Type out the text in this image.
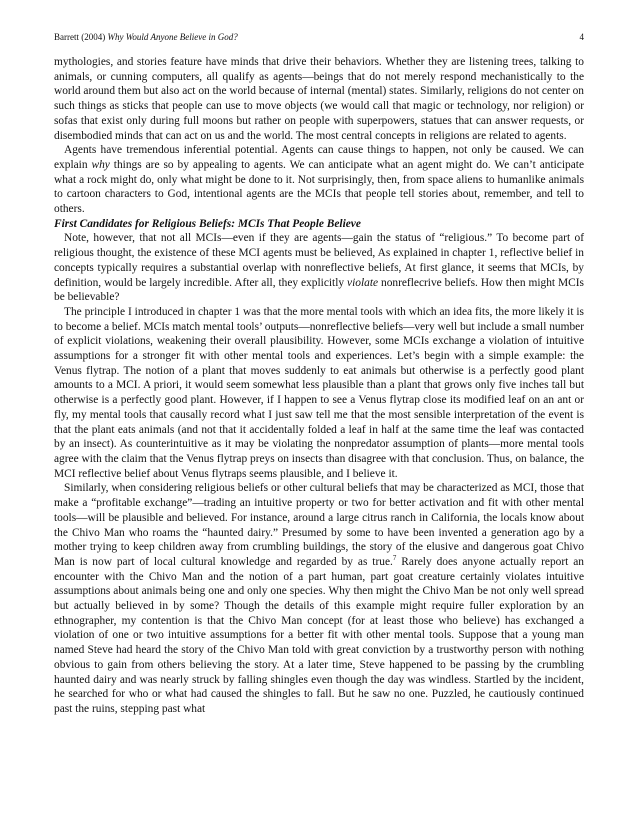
Barrett (2004) Why Would Anyone Believe in God?	4

mythologies, and stories feature have minds that drive their behaviors. Whether they are listening trees, talking to animals, or cunning computers, all qualify as agents—beings that do not merely respond mechanistically to the world around them but also act on the world because of internal (mental) states. Similarly, religions do not center on such things as sticks that people can use to move objects (we would call that magic or technology, nor religion) or sofas that exist only during full moons but rather on people with superpowers, statues that can answer requests, or disembodied minds that can act on us and the world. The most central concepts in religions are related to agents.

Agents have tremendous inferential potential. Agents can cause things to happen, not only be caused. We can explain why things are so by appealing to agents. We can anticipate what an agent might do. We can’t anticipate what a rock might do, only what might be done to it. Not surprisingly, then, from space aliens to humanlike animals to cartoon characters to God, intentional agents are the MCIs that people tell stories about, remember, and tell to others.

First Candidates for Religious Beliefs: MCIs That People Believe

Note, however, that not all MCIs—even if they are agents—gain the status of “religious.” To become part of religious thought, the existence of these MCI agents must be believed, As explained in chapter 1, reflective belief in concepts typically requires a substantial overlap with nonreflective beliefs, At first glance, it seems that MCIs, by definition, would be largely incredible. After all, they explicitly violate nonreflecrive beliefs. How then might MCIs be believable?

The principle I introduced in chapter 1 was that the more mental tools with which an idea fits, the more likely it is to become a belief. MCIs match mental tools’ outputs—nonreflective beliefs—very well but include a small number of explicit violations, weakening their overall plausibility. However, some MCIs exchange a violation of intuitive assumptions for a stronger fit with other mental tools and experiences. Let’s begin with a simple example: the Venus flytrap. The notion of a plant that moves suddenly to eat animals but otherwise is a perfectly good plant amounts to a MCI. A priori, it would seem somewhat less plausible than a plant that grows only five inches tall but otherwise is a perfectly good plant. However, if I happen to see a Venus flytrap close its modified leaf on an ant or fly, my mental tools that causally record what I just saw tell me that the most sensible interpretation of the event is that the plant eats animals (and not that it accidentally folded a leaf in half at the same time the leaf was contacted by an insect). As counterintuitive as it may be violating the nonpredator assumption of plants—more mental tools agree with the claim that the Venus flytrap preys on insects than disagree with that conclusion. Thus, on balance, the MCI reflective belief about Venus flytraps seems plausible, and I believe it.

Similarly, when considering religious beliefs or other cultural beliefs that may be characterized as MCI, those that make a “profitable exchange”—trading an intuitive property or two for better activation and fit with other mental tools—will be plausible and believed. For instance, around a large citrus ranch in California, the locals know about the Chivo Man who roams the “haunted dairy.” Presumed by some to have been invented a generation ago by a mother trying to keep children away from crumbling buildings, the story of the elusive and dangerous goat Chivo Man is now part of local cultural knowledge and regarded by as true.$^7$ Rarely does anyone actually report an encounter with the Chivo Man and the notion of a part human, part goat creature certainly violates intuitive assumptions about animals being one and only one species. Why then might the Chivo Man be not only well spread but actually believed in by some? Though the details of this example might require fuller exploration by an ethnographer, my contention is that the Chivo Man concept (for at least those who believe) has exchanged a violation of one or two intuitive assumptions for a better fit with other mental tools. Suppose that a young man named Steve had heard the story of the Chivo Man told with great conviction by a trustworthy person with nothing obvious to gain from others believing the story. At a later time, Steve happened to be passing by the crumbling haunted dairy and was nearly struck by falling shingles even though the day was windless. Startled by the incident, he searched for who or what had caused the shingles to fall. But he saw no one. Puzzled, he cautiously continued past the ruins, stepping past what
